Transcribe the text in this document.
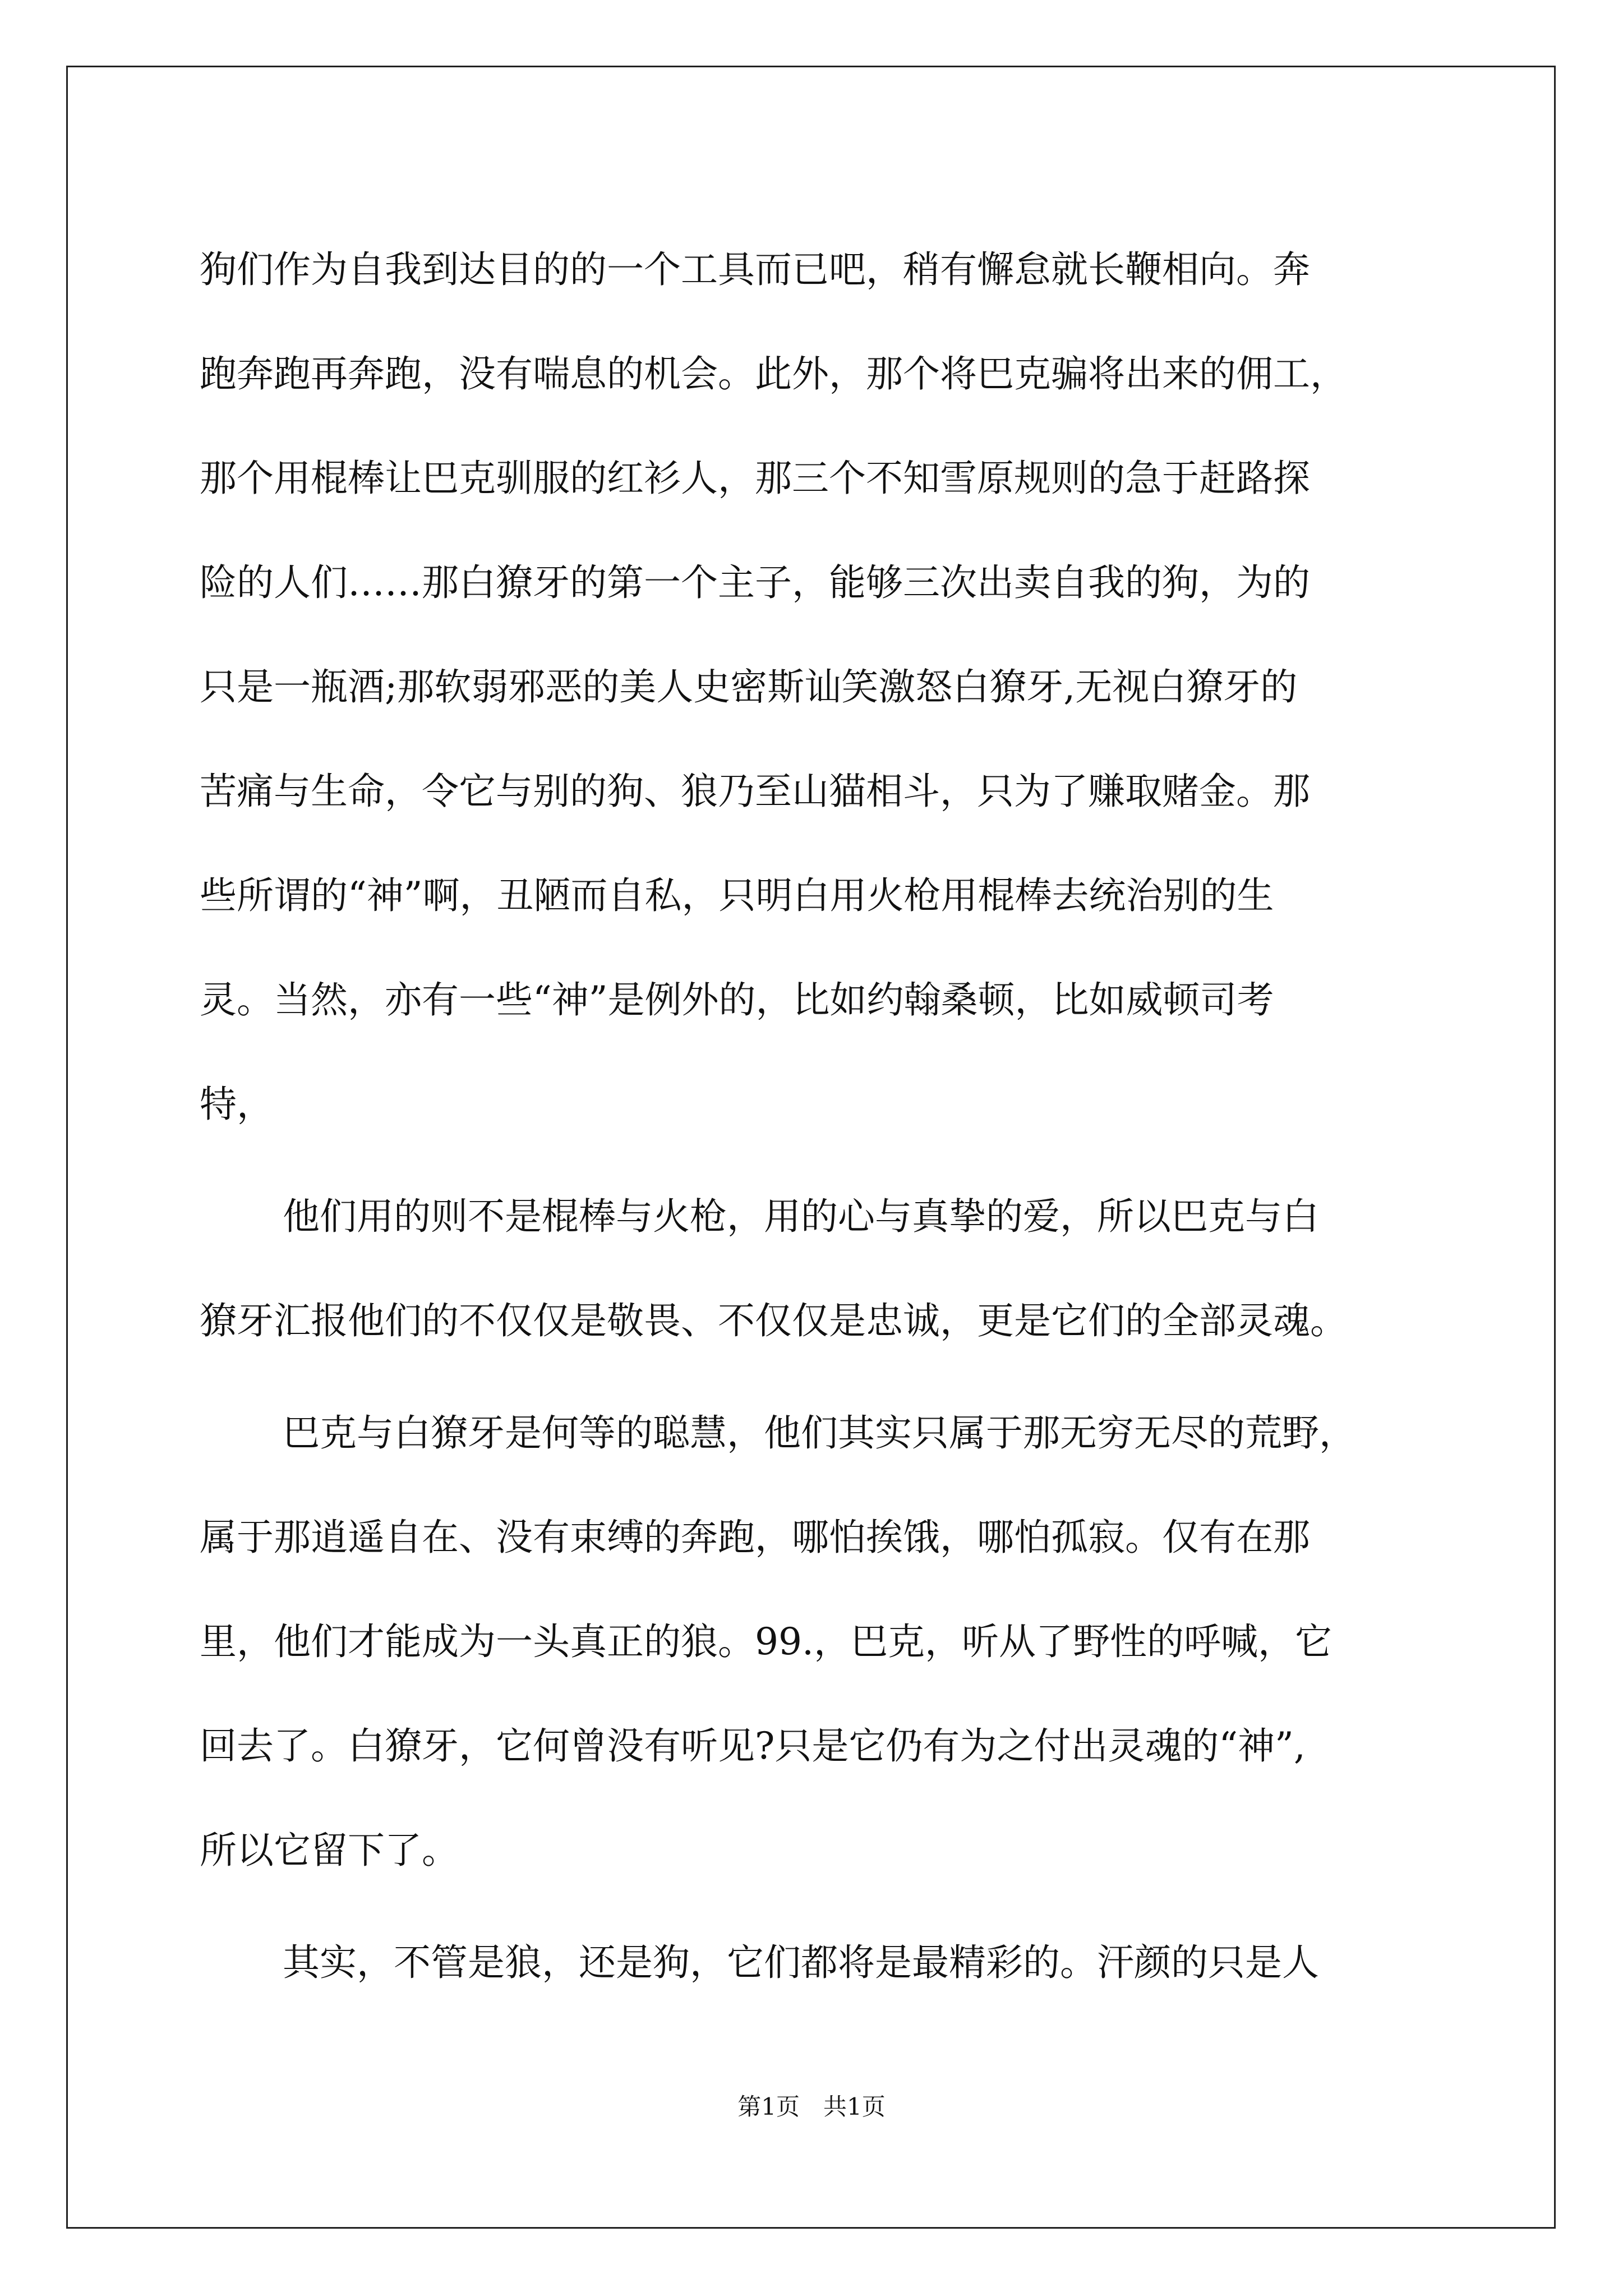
狗们作为自我到达目的的一个工具而已吧，稍有懈怠就长鞭相向。奔
跑奔跑再奔跑，没有喘息的机会。此外，那个将巴克骗将出来的佣工，
那个用棍棒让巴克驯服的红衫人，那三个不知雪原规则的急于赶路探
险的人们……那白獠牙的第一个主子，能够三次出卖自我的狗，为的
只是一瓶酒;那软弱邪恶的美人史密斯讪笑激怒白獠牙,无视白獠牙的
苦痛与生命，令它与别的狗、狼乃至山猫相斗，只为了赚取赌金。那
些所谓的“神”啊，丑陋而自私，只明白用火枪用棍棒去统治别的生
灵。当然，亦有一些“神”是例外的，比如约翰桑顿，比如威顿司考
特，
他们用的则不是棍棒与火枪，用的心与真挚的爱，所以巴克与白
獠牙汇报他们的不仅仅是敬畏、不仅仅是忠诚，更是它们的全部灵魂。
巴克与白獠牙是何等的聪慧，他们其实只属于那无穷无尽的荒野，
属于那逍遥自在、没有束缚的奔跑，哪怕挨饿，哪怕孤寂。仅有在那
里，他们才能成为一头真正的狼。99.，巴克，听从了野性的呼喊，它
回去了。白獠牙，它何曾没有听见?只是它仍有为之付出灵魂的“神”,
所以它留下了。
其实，不管是狼，还是狗，它们都将是最精彩的。汗颜的只是人
第1页　共1页
